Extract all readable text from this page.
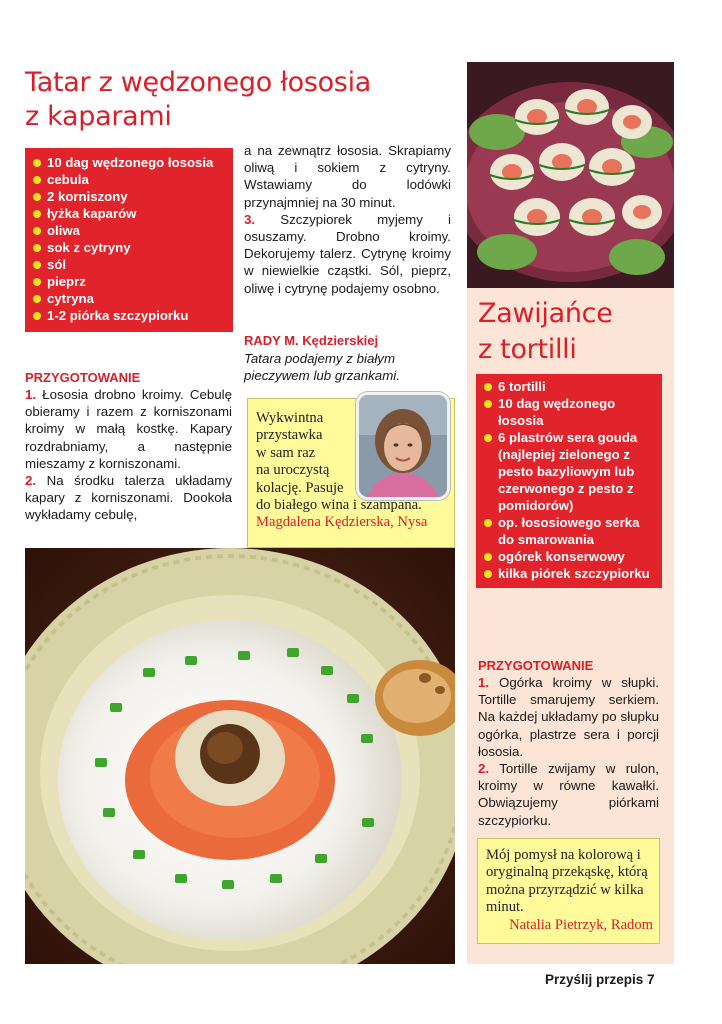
Tatar z wędzonego łososia
z kaparami
10 dag wędzonego łososia
cebula
2 korniszony
łyżka kaparów
oliwa
sok z cytryny
sól
pieprz
cytryna
1-2 piórka szczypiorku
PRZYGOTOWANIE
1. Łososia drobno kroimy. Cebulę obieramy i razem z korniszonami kroimy w małą kostkę. Kapary rozdrabniamy, a następnie mieszamy z korniszonami.
2. Na środku talerza układamy kapary z korniszonami. Dookoła wykładamy cebulę,
a na zewnątrz łososia. Skrapiamy oliwą i sokiem z cytryny. Wstawiamy do lodówki przynajmniej na 30 minut.
3. Szczypiorek myjemy i osuszamy. Drobno kroimy. Dekorujemy talerz. Cytrynę kroimy w niewielkie cząstki. Sól, pieprz, oliwę i cytrynę podajemy osobno.
RADY M. Kędzierskiej
Tatara podajemy z białym pieczywem lub grzankami.
Wykwintna
przystawka
w sam raz
na uroczystą
kolację. Pasuje
do białego wina i szampana.
Magdalena Kędzierska, Nysa
Zawijańce
z tortilli
6 tortilli
10 dag wędzonego łososia
6 plastrów sera gouda (najlepiej zielonego z pesto bazyliowym lub czerwonego z pesto z pomidorów)
op. łososiowego serka do smarowania
ogórek konserwowy
kilka piórek szczypiorku
PRZYGOTOWANIE
1. Ogórka kroimy w słupki. Tortille smarujemy serkiem. Na każdej układamy po słupku ogórka, plastrze sera i porcji łososia.
2. Tortille zwijamy w rulon, kroimy w równe kawałki. Obwiązujemy piórkami szczypiorku.
Mój pomysł na kolorową i oryginalną przekąskę, którą można przyrządzić w kilka minut.

Natalia Pietrzyk, Radom
Przyślij przepis 7
